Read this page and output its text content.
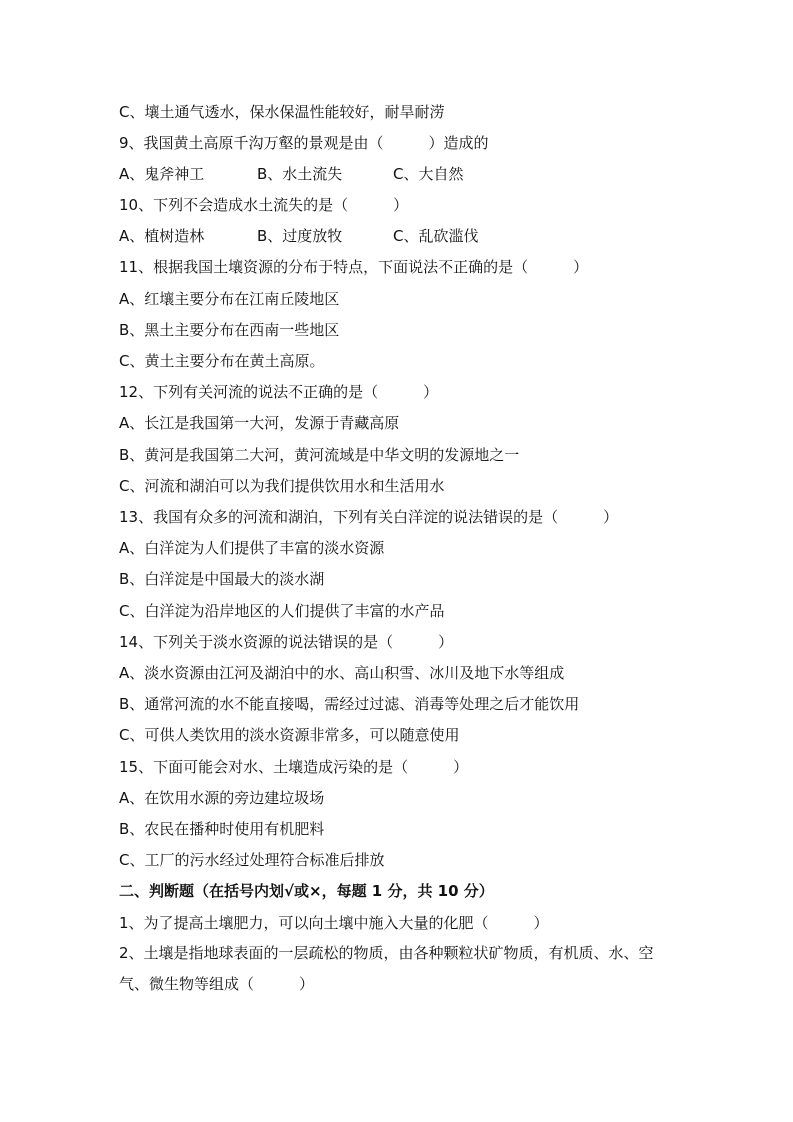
C、壤土通气透水，保水保温性能较好，耐旱耐涝
9、我国黄土高原千沟万壑的景观是由（　　　）造成的
A、鬼斧神工	B、水土流失	C、大自然
10、下列不会造成水土流失的是（　　　）
A、植树造林	B、过度放牧	C、乱砍滥伐
11、根据我国土壤资源的分布于特点，下面说法不正确的是（　　　）
A、红壤主要分布在江南丘陵地区
B、黑土主要分布在西南一些地区
C、黄土主要分布在黄土高原。
12、下列有关河流的说法不正确的是（　　　）
A、长江是我国第一大河，发源于青藏高原
B、黄河是我国第二大河，黄河流域是中华文明的发源地之一
C、河流和湖泊可以为我们提供饮用水和生活用水
13、我国有众多的河流和湖泊，下列有关白洋淀的说法错误的是（　　　）
A、白洋淀为人们提供了丰富的淡水资源
B、白洋淀是中国最大的淡水湖
C、白洋淀为沿岸地区的人们提供了丰富的水产品
14、下列关于淡水资源的说法错误的是（　　　）
A、淡水资源由江河及湖泊中的水、高山积雪、冰川及地下水等组成
B、通常河流的水不能直接喝，需经过过滤、消毒等处理之后才能饮用
C、可供人类饮用的淡水资源非常多，可以随意使用
15、下面可能会对水、土壤造成污染的是（　　　）
A、在饮用水源的旁边建垃圾场
B、农民在播种时使用有机肥料
C、工厂的污水经过处理符合标准后排放
二、判断题（在括号内划√或×，每题 1 分，共 10 分）
1、为了提高土壤肥力，可以向土壤中施入大量的化肥（　　　）
2、土壤是指地球表面的一层疏松的物质，由各种颗粒状矿物质，有机质、水、空气、微生物等组成（　　　）
